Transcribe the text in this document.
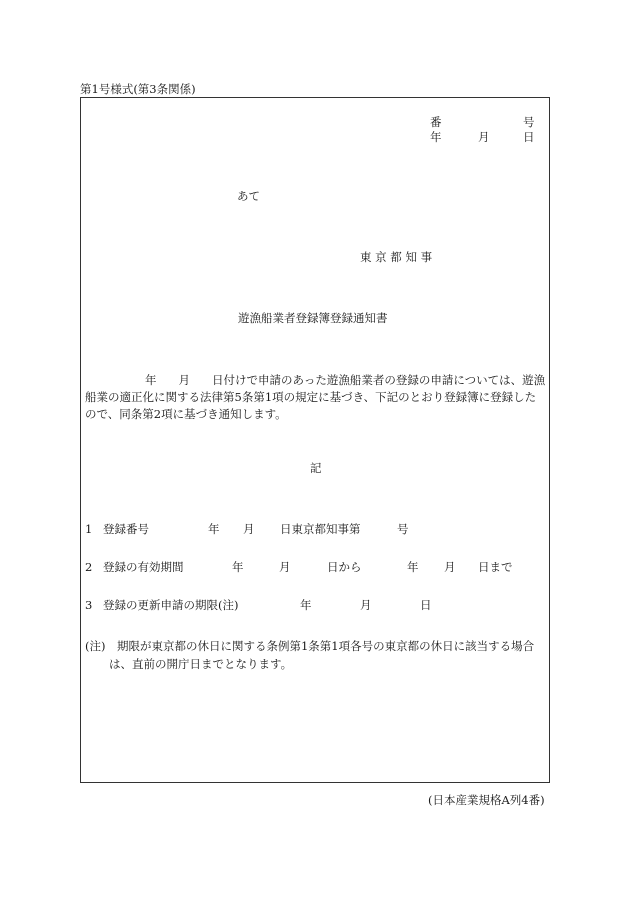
第1号様式(第3条関係)
番	号
年	月	日
あて
東 京 都 知 事
遊漁船業者登録簿登録通知書
年 月 日付けで申請のあった遊漁船業者の登録の申請については、遊漁船業の適正化に関する法律第5条第1項の規定に基づき、下記のとおり登録簿に登録したので、同条第2項に基づき通知します。
記
1 登録番号	年 月 日東京都知事第	号
2 登録の有効期間	年	月	日から	年 月 日まで
3 登録の更新申請の期限(注)	年	月	日
(注)　期限が東京都の休日に関する条例第1条第1項各号の東京都の休日に該当する場合
は、直前の開庁日までとなります。
(日本産業規格A列4番)
